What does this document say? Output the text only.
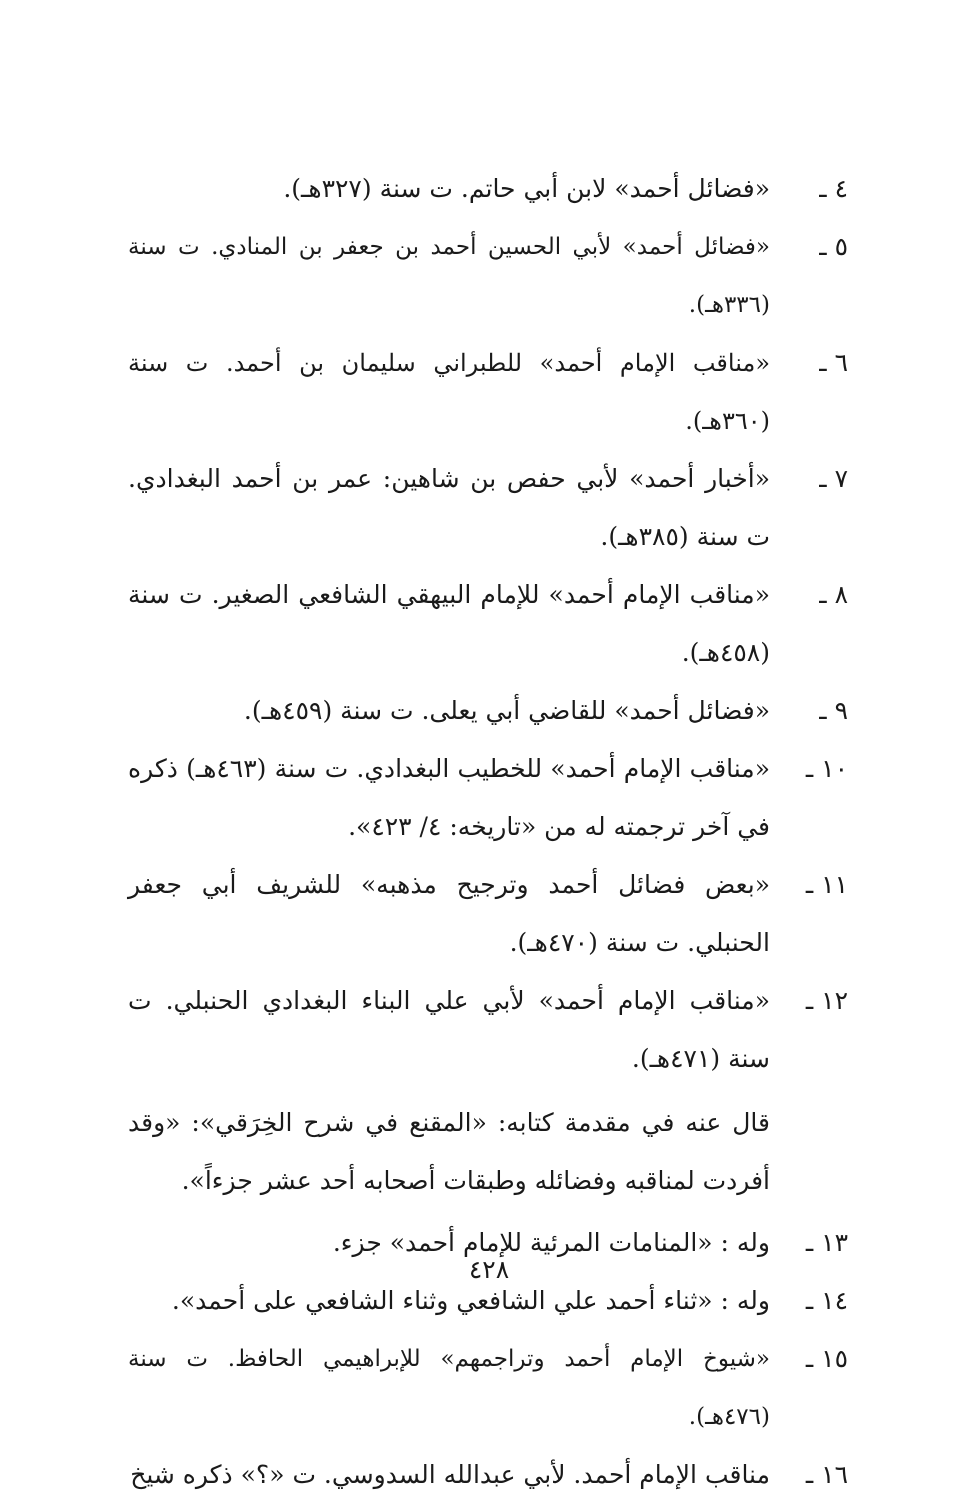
٤ ـ
«فضائل أحمد» لابن أبي حاتم. ت سنة (٣٢٧هـ).
٥ ـ
«فضائل أحمد» لأبي الحسين أحمد بن جعفر بن المنادي. ت سنة (٣٣٦هـ).
٦ ـ
«مناقب الإمام أحمد» للطبراني سليمان بن أحمد. ت سنة (٣٦٠هـ).
٧ ـ
«أخبار أحمد» لأبي حفص بن شاهين: عمر بن أحمد البغدادي. ت سنة (٣٨٥هـ).
٨ ـ
«مناقب الإمام أحمد» للإمام البيهقي الشافعي الصغير. ت سنة (٤٥٨هـ).
٩ ـ
«فضائل أحمد» للقاضي أبي يعلى. ت سنة (٤٥٩هـ).
١٠ ـ
«مناقب الإمام أحمد» للخطيب البغدادي. ت سنة (٤٦٣هـ) ذكره في آخر ترجمته له من «تاريخه: ٤/ ٤٢٣».
١١ ـ
«بعض فضائل أحمد وترجيح مذهبه» للشريف أبي جعفر الحنبلي. ت سنة (٤٧٠هـ).
١٢ ـ
«مناقب الإمام أحمد» لأبي علي البناء البغدادي الحنبلي. ت سنة (٤٧١هـ).
قال عنه في مقدمة كتابه: «المقنع في شرح الخِرَقي»: «وقد أفردت لمناقبه وفضائله وطبقات أصحابه أحد عشر جزءاً».
١٣ ـ
وله : «المنامات المرئية للإمام أحمد» جزء.
١٤ ـ
وله : «ثناء أحمد علي الشافعي وثناء الشافعي على أحمد».
١٥ ـ
«شيوخ الإمام أحمد وتراجمهم» للإبراهيمي الحافظ. ت سنة (٤٧٦هـ).
١٦ ـ
مناقب الإمام أحمد. لأبي عبدالله السدوسي. ت «؟» ذكره شيخ
٤٢٨
